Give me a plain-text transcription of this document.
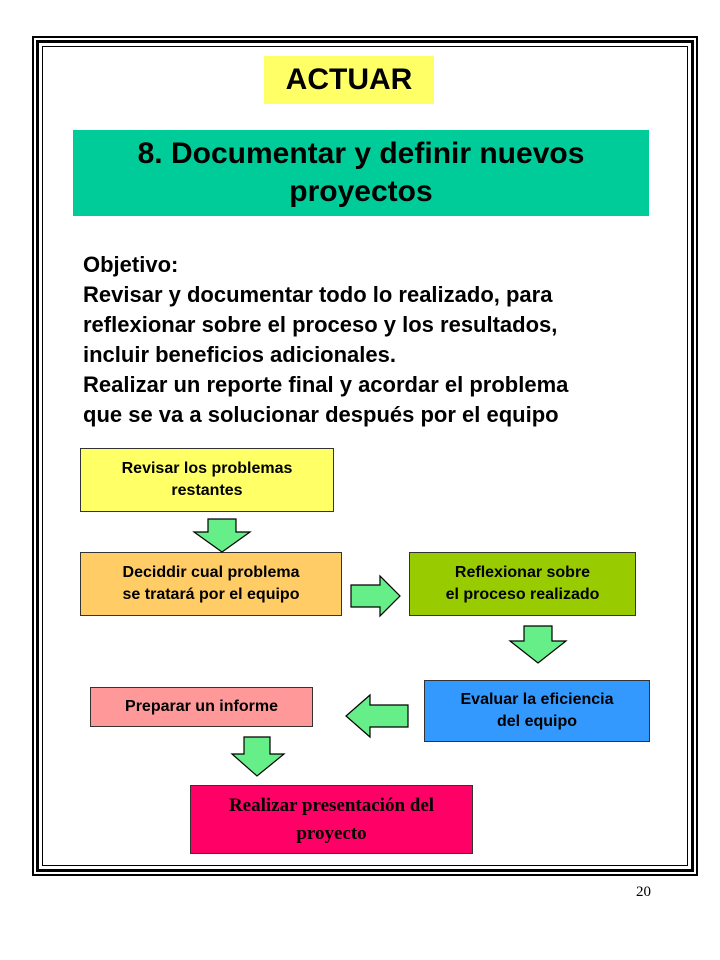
ACTUAR
8. Documentar y definir nuevos
proyectos
Objetivo:
Revisar y documentar todo lo realizado, para
reflexionar sobre el proceso y los resultados,
incluir beneficios adicionales.
Realizar un reporte final y acordar el problema
que se va a solucionar después por el equipo
Revisar los problemas
restantes
Deciddir cual problema
se tratará por el equipo
Reflexionar sobre
el proceso realizado
Evaluar la eficiencia
del equipo
Preparar un informe
Realizar presentación del
proyecto
20
